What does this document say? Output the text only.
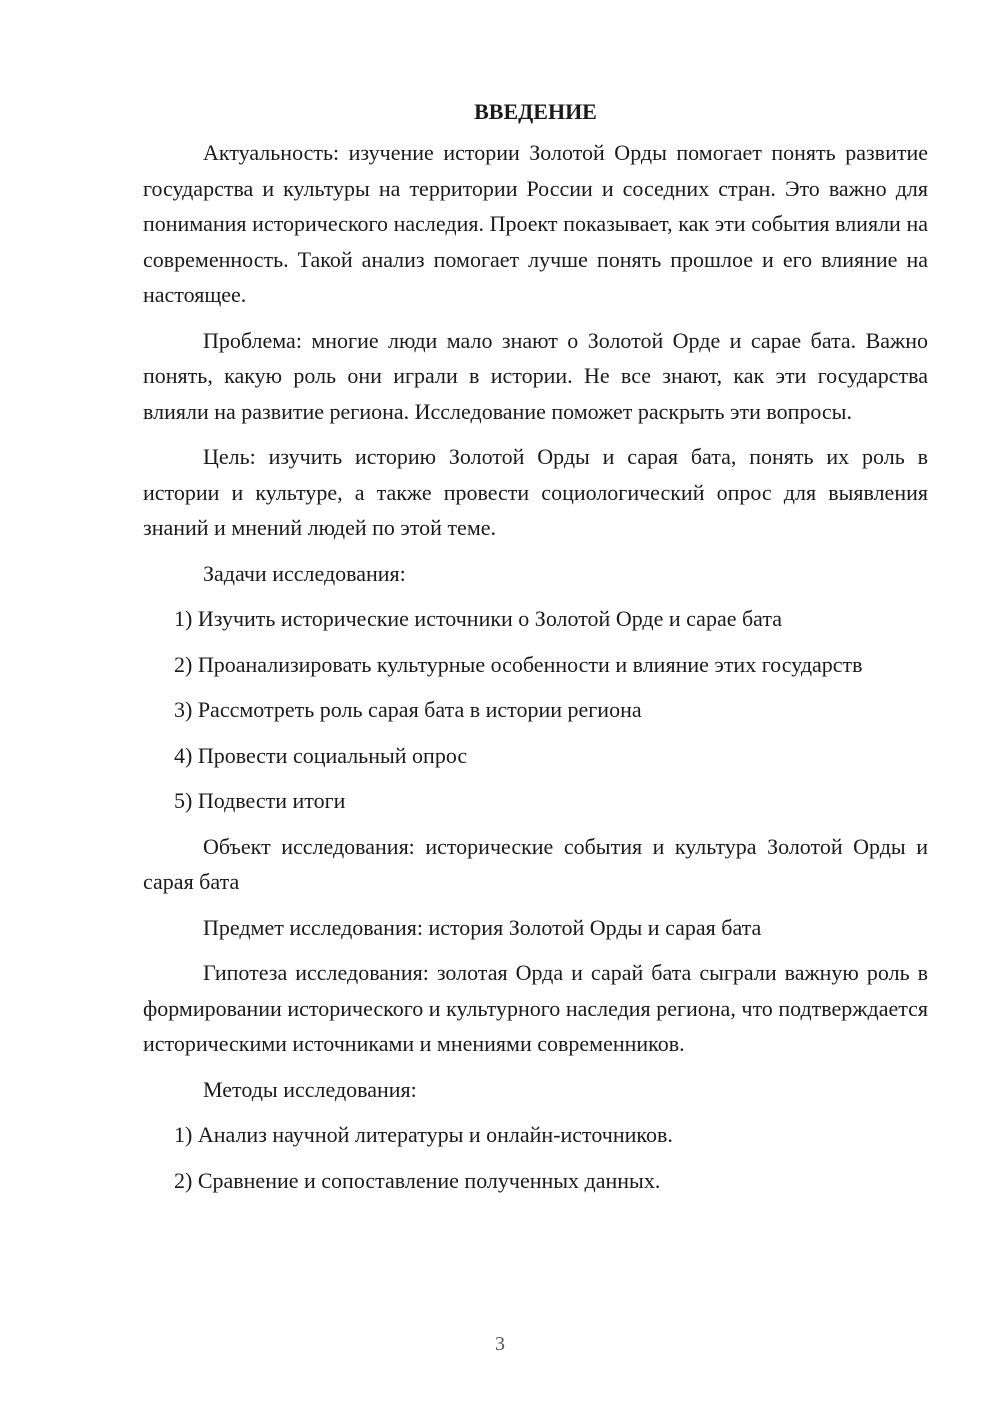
ВВЕДЕНИЕ

Актуальность: изучение истории Золотой Орды помогает понять развитие государства и культуры на территории России и соседних стран. Это важно для понимания исторического наследия. Проект показывает, как эти события влияли на современность. Такой анализ помогает лучше понять прошлое и его влияние на настоящее.

Проблема: многие люди мало знают о Золотой Орде и сарае бата. Важно понять, какую роль они играли в истории. Не все знают, как эти государства влияли на развитие региона. Исследование поможет раскрыть эти вопросы.

Цель: изучить историю Золотой Орды и сарая бата, понять их роль в истории и культуре, а также провести социологический опрос для выявления знаний и мнений людей по этой теме.

Задачи исследования:

1) Изучить исторические источники о Золотой Орде и сарае бата

2) Проанализировать культурные особенности и влияние этих государств

3) Рассмотреть роль сарая бата в истории региона

4) Провести социальный опрос

5) Подвести итоги

Объект исследования: исторические события и культура Золотой Орды и сарая бата

Предмет исследования: история Золотой Орды и сарая бата

Гипотеза исследования: золотая Орда и сарай бата сыграли важную роль в формировании исторического и культурного наследия региона, что подтверждается историческими источниками и мнениями современников.

Методы исследования:

1) Анализ научной литературы и онлайн-источников.

2) Сравнение и сопоставление полученных данных.

3
